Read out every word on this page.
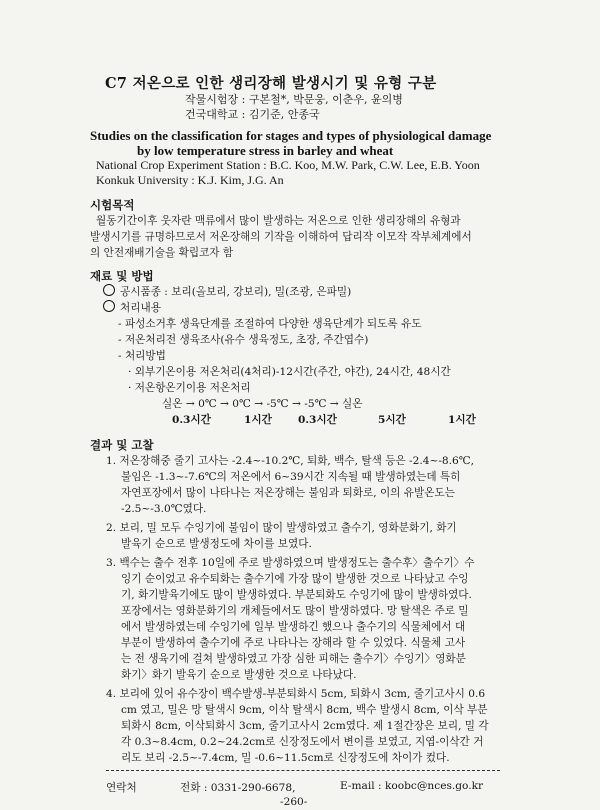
C7 저온으로 인한 생리장해 발생시기 및 유형 구분
작물시험장 : 구본철*, 박문웅, 이춘우, 윤의병
건국대학교 : 김기준, 안종국
Studies on the classification for stages and types of physiological damage
by low temperature stress in barley and wheat
National Crop Experiment Station : B.C. Koo, M.W. Park, C.W. Lee, E.B. Yoon
Konkuk University : K.J. Kim, J.G. An
시험목적
월동기간이후 웃자란 맥류에서 많이 발생하는 저온으로 인한 생리장해의 유형과
발생시기를 규명하므로서 저온장해의 기작을 이해하여 답리작 이모작 작부체계에서
의 안전재배기술을 확립코자 함
재료 및 방법
공시품종 : 보리(올보리, 강보리), 밀(조광, 은파밀)
처리내용
- 파성소거후 생육단계를 조절하여 다양한 생육단계가 되도록 유도
- 저온처리전 생육조사(유수 생육정도, 초장, 주간엽수)
- 처리방법
· 외부기온이용 저온처리(4처리)-12시간(주간, 야간), 24시간, 48시간
· 저온항온기이용 저온처리
실온 → 0℃ → 0℃ → -5℃ → -5℃ → 실온
0.3시간	1시간 0.3시간	5시간	1시간
결과 및 고찰
1. 저온장해중 줄기 고사는 -2.4~-10.2℃, 퇴화, 백수, 탈색 등은 -2.4~-8.6℃,
불임은 -1.3~-7.6℃의 저온에서 6~39시간 지속될 때 발생하였는데 특히
자연포장에서 많이 나타나는 저온장해는 불임과 퇴화로, 이의 유발온도는
-2.5~-3.0℃였다.
2. 보리, 밀 모두 수잉기에 불임이 많이 발생하였고 출수기, 영화분화기, 화기
발육기 순으로 발생정도에 차이를 보였다.
3. 백수는 출수 전후 10일에 주로 발생하였으며 발생정도는 출수후〉출수기〉수
잉기 순이었고 유수퇴화는 출수기에 가장 많이 발생한 것으로 나타났고 수잉
기, 화기발육기에도 많이 발생하였다. 부분퇴화도 수잉기에 많이 발생하였다.
포장에서는 영화분화기의 개체들에서도 많이 발생하였다. 망 탈색은 주로 밀
에서 발생하였는데 수잉기에 일부 발생하긴 했으나 출수기의 식물체에서 대
부분이 발생하여 출수기에 주로 나타나는 장해라 할 수 있었다. 식물체 고사
는 전 생육기에 걸쳐 발생하였고 가장 심한 피해는 출수기〉수잉기〉영화분
화기〉화기 발육기 순으로 발생한 것으로 나타났다.
4. 보리에 있어 유수장이 백수발생-부분퇴화시 5cm, 퇴화시 3cm, 줄기고사시 0.6
cm 였고, 밀은 망 탈색시 9cm, 이삭 탈색시 8cm, 백수 발생시 8cm, 이삭 부분
퇴화시 8cm, 이삭퇴화시 3cm, 줄기고사시 2cm였다. 제 1절간장은 보리, 밀 각
각 0.3~8.4cm, 0.2~24.2cm로 신장정도에서 변이를 보였고, 지엽-이삭간 거
리도 보리 -2.5~-7.4cm, 밀 -0.6~11.5cm로 신장정도에 차이가 컸다.
연락처	전화 : 0331-290-6678,	E-mail : koobc@nces.go.kr
-260-
